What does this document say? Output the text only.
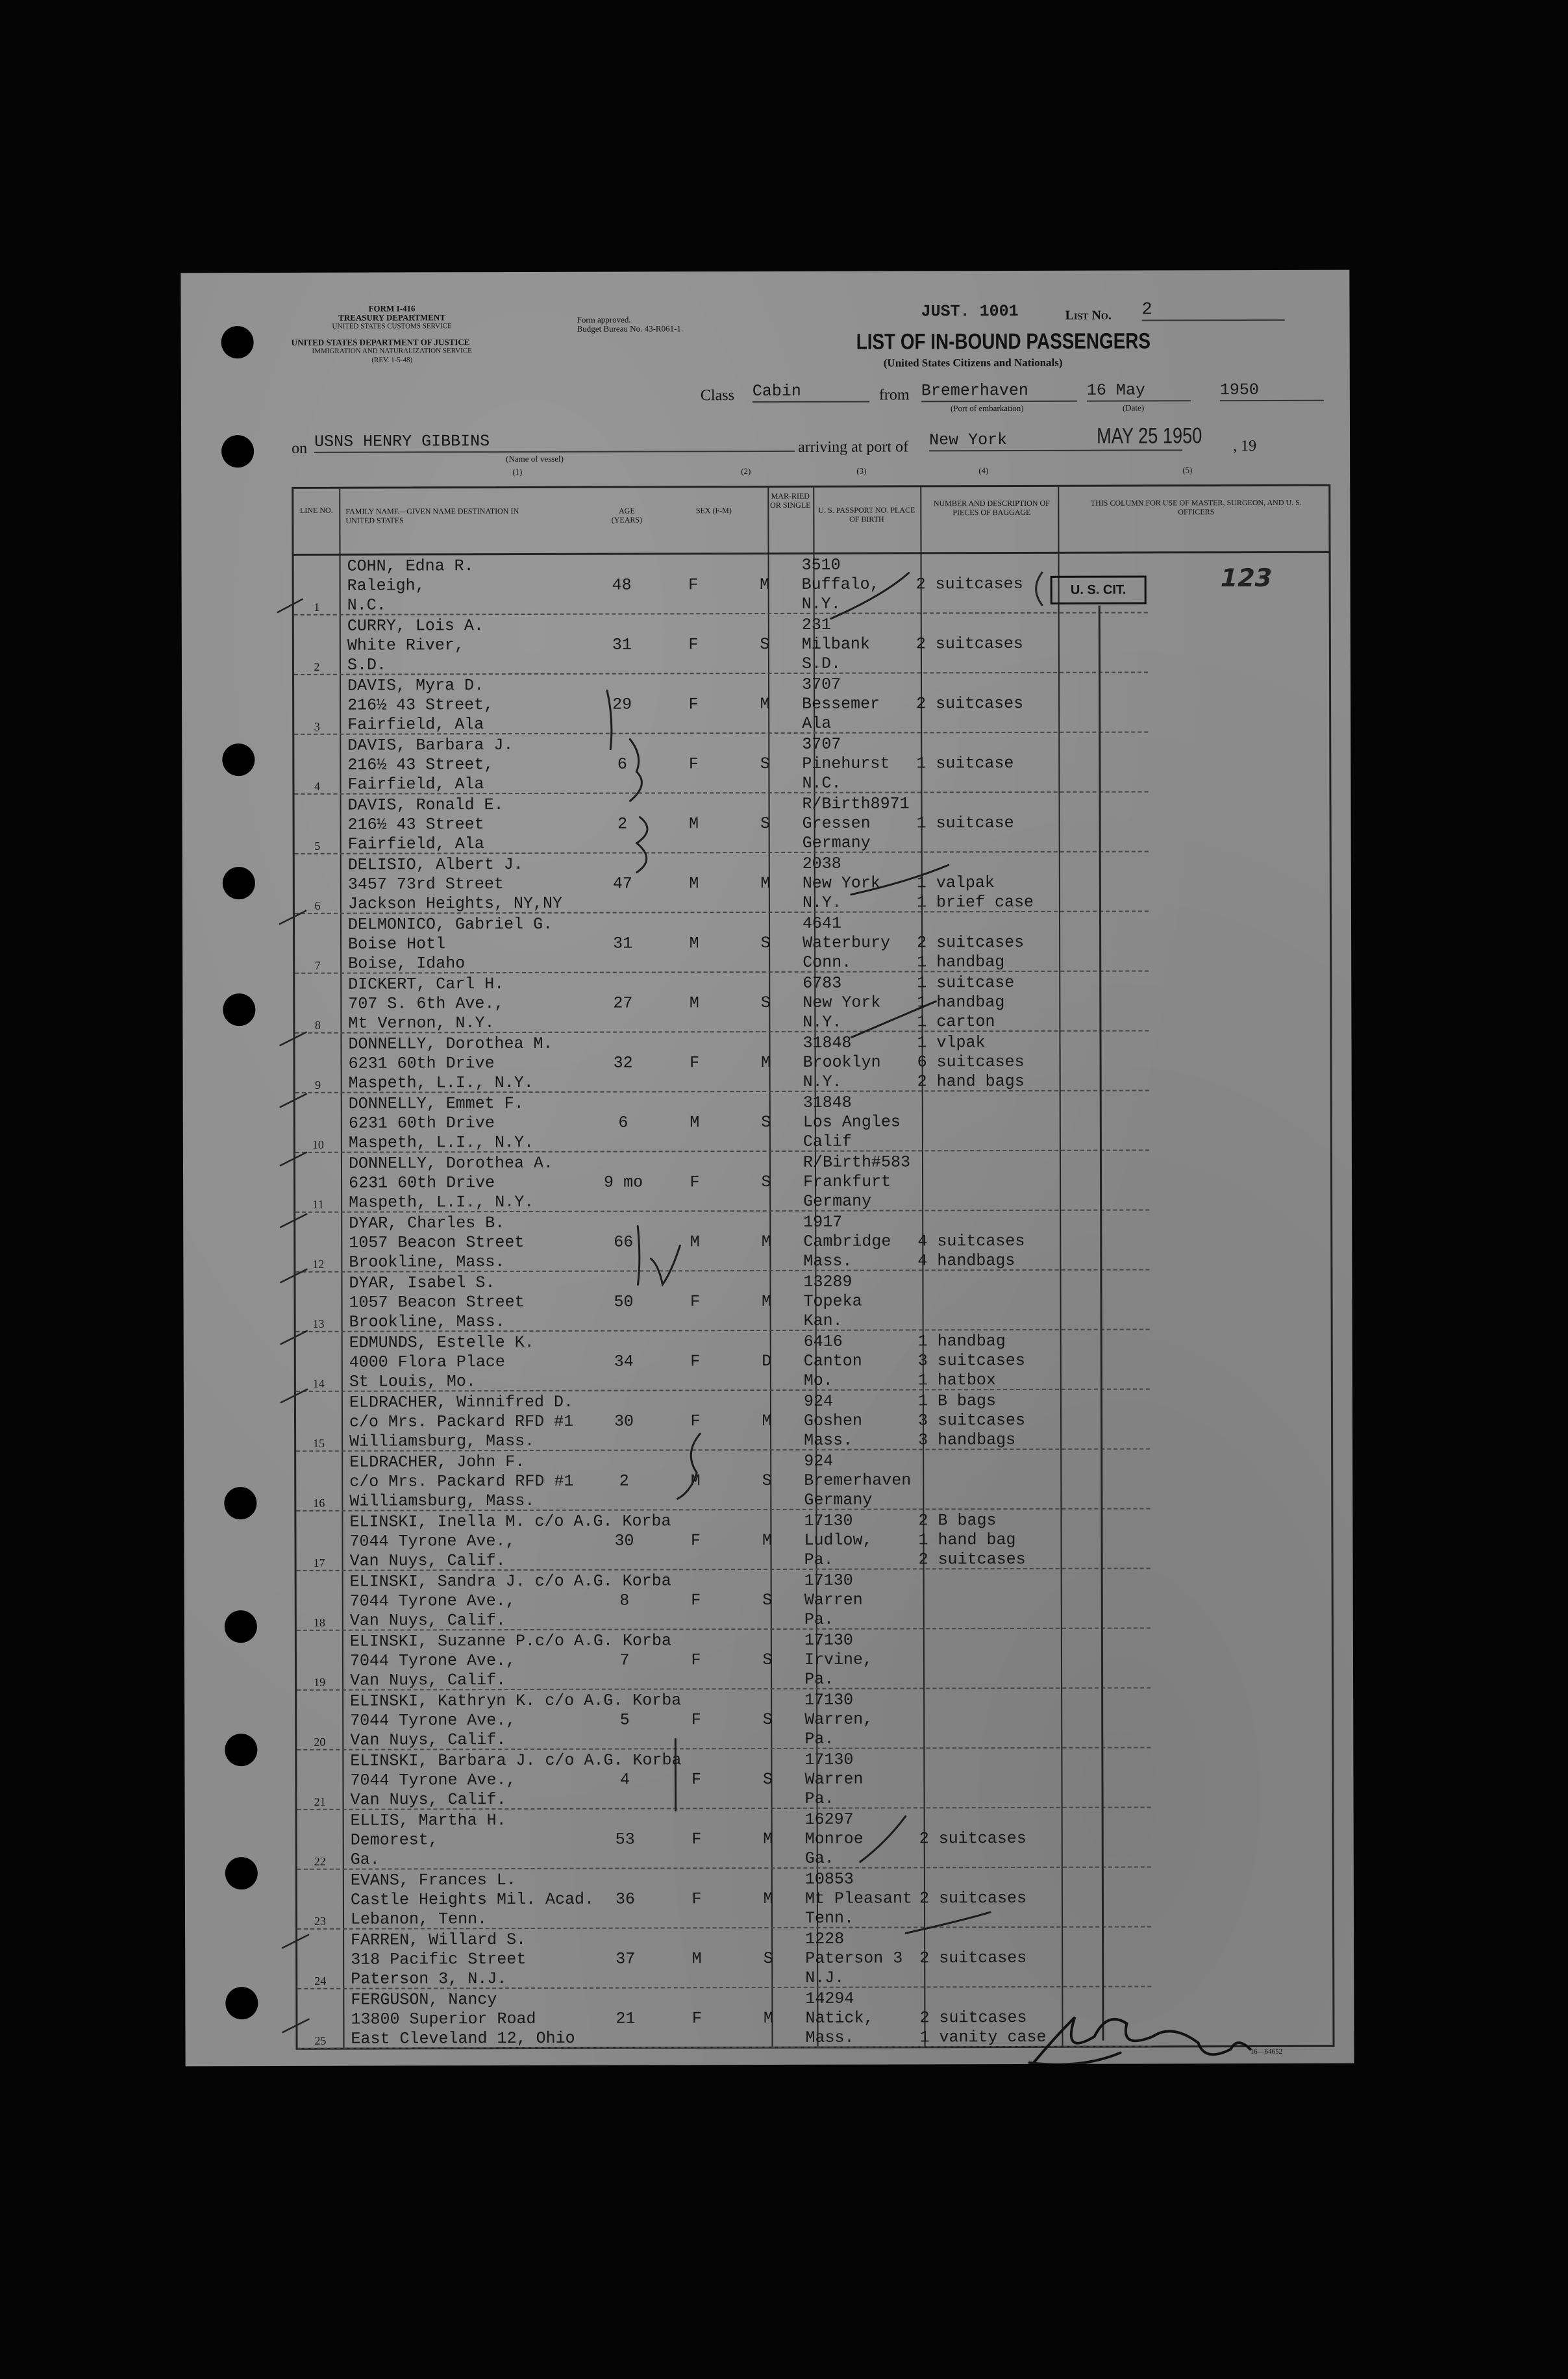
FORM I-416
TREASURY DEPARTMENT
UNITED STATES CUSTOMS SERVICE
UNITED STATES DEPARTMENT OF JUSTICE
IMMIGRATION AND NATURALIZATION SERVICE
(REV. 1-5-48)
Form approved.
Budget Bureau No. 43-R061-1.
JUST. 1001	List No. 2
LIST OF IN-BOUND PASSENGERS
(United States Citizens and Nationals)
Class Cabin	from Bremerhaven	16 May	1950
(Port of embarkation)	(Date)
on USNS HENRY GIBBINS
(Name of vessel)
arriving at port of New York	MAY 25 1950 , 19
(1)	(2)	(3)	(4)	(5)
LINE NO.	FAMILY NAME—GIVEN NAME DESTINATION IN UNITED STATES
AGE (YEARS)
SEX (F-M)
MAR-RIED OR SINGLE
U. S. PASSPORT NO. PLACE OF BIRTH
NUMBER AND DESCRIPTION OF PIECES OF BAGGAGE
THIS COLUMN FOR USE OF MASTER, SURGEON, AND U. S. OFFICERS
1
COHN, Edna R.
Raleigh,
N.C.
48	F	M
3510
Buffalo,
N.Y.
2 suitcases
2
CURRY, Lois A.
White River,
S.D.
31	F	S
231
Milbank
S.D.
2 suitcases
3
DAVIS, Myra D.
216½ 43 Street,
Fairfield, Ala
29	F	M
3707
Bessemer
Ala
2 suitcases
4
DAVIS, Barbara J.
216½ 43 Street,
Fairfield, Ala
6	F	S
3707
Pinehurst
N.C.
1 suitcase
5
DAVIS, Ronald E.
216½ 43 Street
Fairfield, Ala
2	M	S
R/Birth8971
Gressen
Germany
1 suitcase
6
DELISIO, Albert J.
3457 73rd Street
Jackson Heights, NY,NY
47	M	M
2038
New York
N.Y.
1 valpak
1 brief case
7
DELMONICO, Gabriel G.
Boise Hotl
Boise, Idaho
31	M	S
4641
Waterbury
Conn.
2 suitcases
1 handbag
8
DICKERT, Carl H.
707 S. 6th Ave.,
Mt Vernon, N.Y.
27	M	S
6783
New York
N.Y.
1 suitcase
1 handbag
1 carton
9
DONNELLY, Dorothea M.
6231 60th Drive
Maspeth, L.I., N.Y.
32	F	M
31848
Brooklyn
N.Y.
1 vlpak
6 suitcases
2 hand bags
10
DONNELLY, Emmet F.
6231 60th Drive
Maspeth, L.I., N.Y.
6	M	S
31848
Los Angles
Calif
11
DONNELLY, Dorothea A.
6231 60th Drive
Maspeth, L.I., N.Y.
9 mo	F	S
R/Birth#583
Frankfurt
Germany
12
DYAR, Charles B.
1057 Beacon Street
Brookline, Mass.
66	M	M
1917
Cambridge
Mass.
4 suitcases
4 handbags
13
DYAR, Isabel S.
1057 Beacon Street
Brookline, Mass.
50	F	M
13289
Topeka
Kan.
14
EDMUNDS, Estelle K.
4000 Flora Place
St Louis, Mo.
34	F	D
6416
Canton
Mo.
1 handbag
3 suitcases
1 hatbox
15
ELDRACHER, Winnifred D.
c/o Mrs. Packard RFD #1
Williamsburg, Mass.
30	F	M
924
Goshen
Mass.
1 B bags
3 suitcases
3 handbags
16
ELDRACHER, John F.
c/o Mrs. Packard RFD #1
Williamsburg, Mass.
2	M	S
924
Bremerhaven
Germany
17
ELINSKI, Inella M. c/o A.G. Korba
7044 Tyrone Ave.,
Van Nuys, Calif.
30	F	M
17130
Ludlow,
Pa.
2 B bags
1 hand bag
2 suitcases
18
ELINSKI, Sandra J. c/o A.G. Korba
7044 Tyrone Ave.,
Van Nuys, Calif.
8	F	S
17130
Warren
Pa.
19
ELINSKI, Suzanne P.c/o A.G. Korba
7044 Tyrone Ave.,
Van Nuys, Calif.
7	F	S
17130
Irvine,
Pa.
20
ELINSKI, Kathryn K. c/o A.G. Korba
7044 Tyrone Ave.,
Van Nuys, Calif.
5	F	S
17130
Warren,
Pa.
21
ELINSKI, Barbara J. c/o A.G. Korba
7044 Tyrone Ave.,
Van Nuys, Calif.
4	F	S
17130
Warren
Pa.
22
ELLIS, Martha H.
Demorest,
Ga.
53	F	M
16297
Monroe
Ga.
2 suitcases
23
EVANS, Frances L.
Castle Heights Mil. Acad.
Lebanon, Tenn.
36	F	M
10853
Mt Pleasant
Tenn.
2 suitcases
24
FARREN, Willard S.
318 Pacific Street
Paterson 3, N.J.
37	M	S
1228
Paterson 3
N.J.
2 suitcases
25
FERGUSON, Nancy
13800 Superior Road
East Cleveland 12, Ohio
21	F	M
14294
Natick,
Mass.
2 suitcases
1 vanity case
U. S. CIT.	123
16—64652
